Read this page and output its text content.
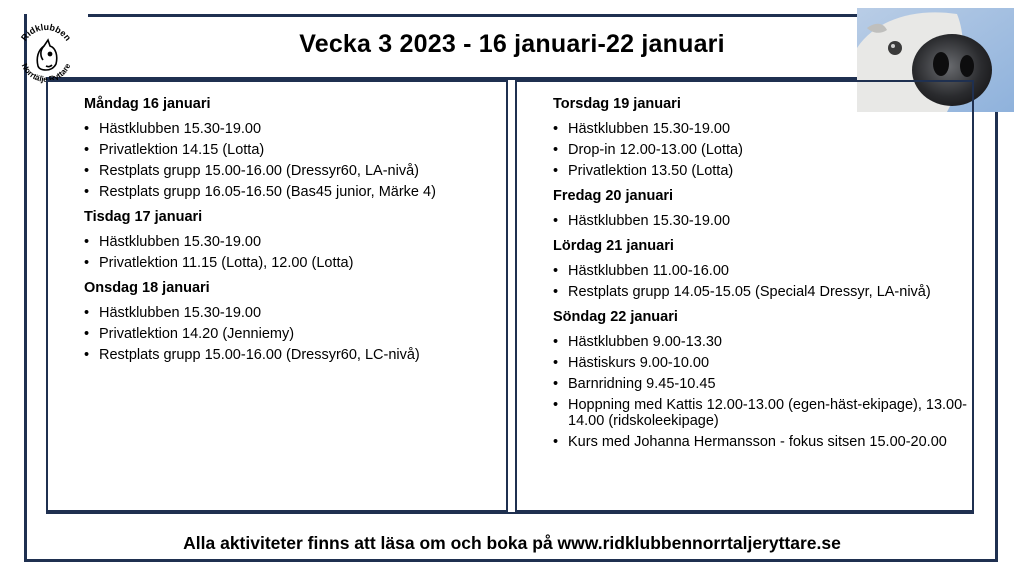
Ridklubben
Norrtälje Ryttare
Vecka 3 2023 - 16 januari-22 januari

Måndag 16 januari

• Hästklubben 15.30-19.00
• Privatlektion 14.15 (Lotta)
• Restplats grupp 15.00-16.00 (Dressyr60, LA-nivå)
• Restplats grupp 16.05-16.50 (Bas45 junior, Märke 4)

Tisdag 17 januari

• Hästklubben 15.30-19.00
• Privatlektion 11.15 (Lotta), 12.00 (Lotta)

Onsdag 18 januari

• Hästklubben 15.30-19.00
• Privatlektion 14.20 (Jenniemy)
• Restplats grupp 15.00-16.00 (Dressyr60, LC-nivå)

Torsdag 19 januari

• Hästklubben 15.30-19.00
• Drop-in 12.00-13.00 (Lotta)
• Privatlektion 13.50 (Lotta)

Fredag 20 januari

• Hästklubben 15.30-19.00

Lördag 21 januari

• Hästklubben 11.00-16.00
• Restplats grupp 14.05-15.05 (Special4 Dressyr, LA-nivå)

Söndag 22 januari

• Hästklubben 9.00-13.30
• Hästiskurs 9.00-10.00
• Barnridning 9.45-10.45
• Hoppning med Kattis 12.00-13.00 (egen-häst-ekipage), 13.00-14.00 (ridskoleekipage)
• Kurs med Johanna Hermansson - fokus sitsen 15.00-20.00
Alla aktiviteter finns att läsa om och boka på www.ridklubbennorrtaljeryttare.se
